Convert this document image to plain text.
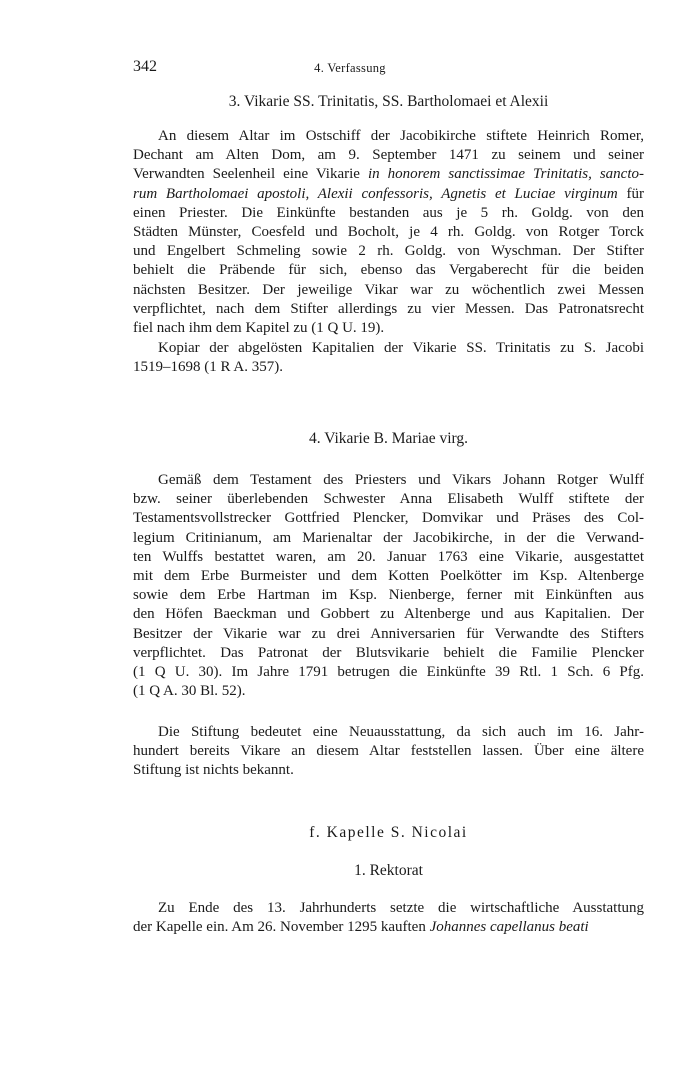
342	4. Verfassung
3. Vikarie SS. Trinitatis, SS. Bartholomaei et Alexii
An diesem Altar im Ostschiff der Jacobikirche stiftete Heinrich Romer,
Dechant am Alten Dom, am 9. September 1471 zu seinem und seiner
Verwandten Seelenheil eine Vikarie in honorem sanctissimae Trinitatis, sancto-
rum Bartholomaei apostoli, Alexii confessoris, Agnetis et Luciae virginum für
einen Priester. Die Einkünfte bestanden aus je 5 rh. Goldg. von den
Städten Münster, Coesfeld und Bocholt, je 4 rh. Goldg. von Rotger Torck
und Engelbert Schmeling sowie 2 rh. Goldg. von Wyschman. Der Stifter
behielt die Präbende für sich, ebenso das Vergaberecht für die beiden
nächsten Besitzer. Der jeweilige Vikar war zu wöchentlich zwei Messen
verpflichtet, nach dem Stifter allerdings zu vier Messen. Das Patronatsrecht
fiel nach ihm dem Kapitel zu (1 Q U. 19).
Kopiar der abgelösten Kapitalien der Vikarie SS. Trinitatis zu S. Jacobi
1519–1698 (1 R A. 357).
4. Vikarie B. Mariae virg.
Gemäß dem Testament des Priesters und Vikars Johann Rotger Wulff
bzw. seiner überlebenden Schwester Anna Elisabeth Wulff stiftete der
Testamentsvollstrecker Gottfried Plencker, Domvikar und Präses des Col-
legium Critinianum, am Marienaltar der Jacobikirche, in der die Verwand-
ten Wulffs bestattet waren, am 20. Januar 1763 eine Vikarie, ausgestattet
mit dem Erbe Burmeister und dem Kotten Poelkötter im Ksp. Altenberge
sowie dem Erbe Hartman im Ksp. Nienberge, ferner mit Einkünften aus
den Höfen Baeckman und Gobbert zu Altenberge und aus Kapitalien. Der
Besitzer der Vikarie war zu drei Anniversarien für Verwandte des Stifters
verpflichtet. Das Patronat der Blutsvikarie behielt die Familie Plencker
(1 Q U. 30). Im Jahre 1791 betrugen die Einkünfte 39 Rtl. 1 Sch. 6 Pfg.
(1 Q A. 30 Bl. 52).
Die Stiftung bedeutet eine Neuausstattung, da sich auch im 16. Jahr-
hundert bereits Vikare an diesem Altar feststellen lassen. Über eine ältere
Stiftung ist nichts bekannt.
f. Kapelle S. Nicolai
1. Rektorat
Zu Ende des 13. Jahrhunderts setzte die wirtschaftliche Ausstattung
der Kapelle ein. Am 26. November 1295 kauften Johannes capellanus beati
